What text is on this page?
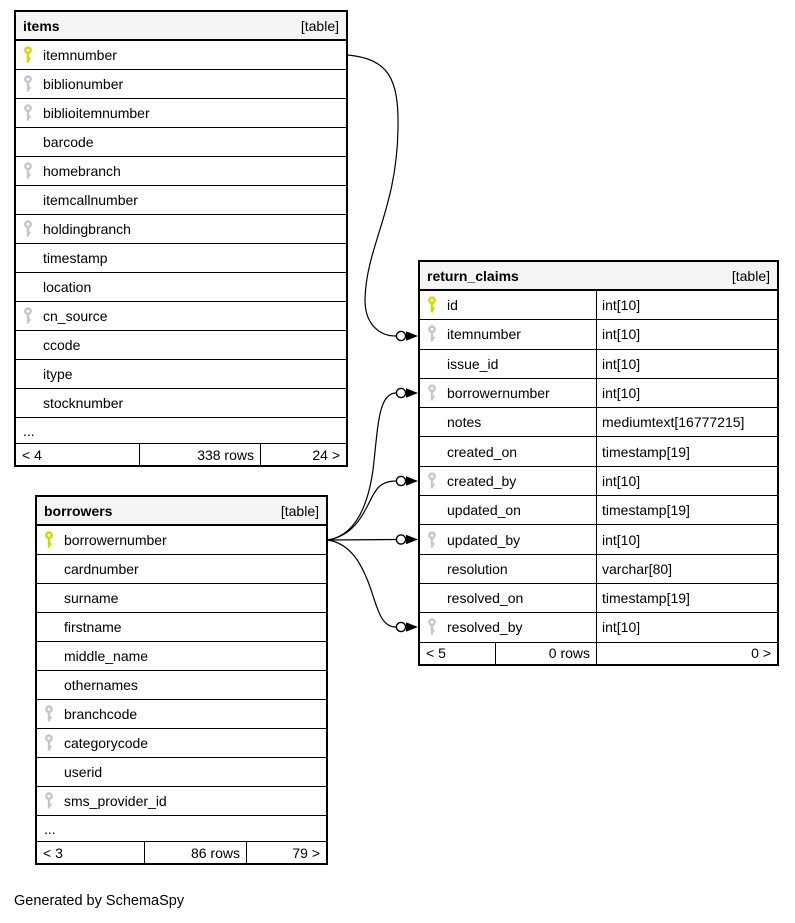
items	[table]
itemnumber
biblionumber
biblioitemnumber
barcode
homebranch
itemcallnumber
holdingbranch
timestamp
location
cn_source
ccode
itype
stocknumber
...
< 4	338 rows	24 >
return_claims	[table]
id	int[10]
itemnumber	int[10]
issue_id	int[10]
borrowernumber	int[10]
notes	mediumtext[16777215]
created_on	timestamp[19]
created_by	int[10]
updated_on	timestamp[19]
updated_by	int[10]
resolution	varchar[80]
resolved_on	timestamp[19]
resolved_by	int[10]
< 5	0 rows	0 >
borrowers	[table]
borrowernumber
cardnumber
surname
firstname
middle_name
othernames
branchcode
categorycode
userid
sms_provider_id
...
< 3	86 rows	79 >
Generated by SchemaSpy
